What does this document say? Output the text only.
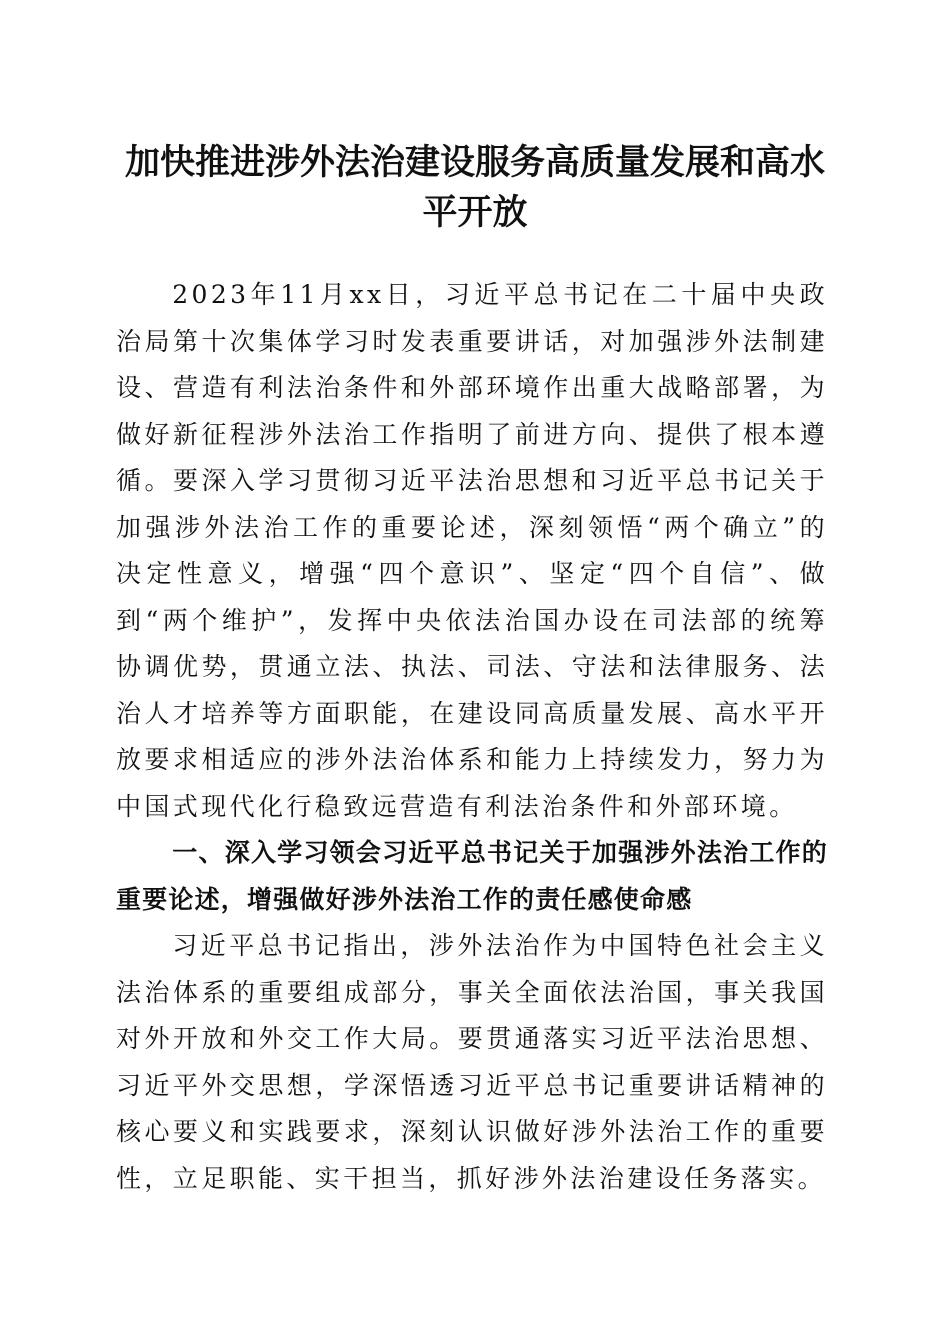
加快推进涉外法治建设服务高质量发展和高水平开放

2023年11月xx日，习近平总书记在二十届中央政治局第十次集体学习时发表重要讲话，对加强涉外法制建设、营造有利法治条件和外部环境作出重大战略部署，为做好新征程涉外法治工作指明了前进方向、提供了根本遵循。要深入学习贯彻习近平法治思想和习近平总书记关于加强涉外法治工作的重要论述，深刻领悟“两个确立”的决定性意义，增强“四个意识”、坚定“四个自信”、做到“两个维护”，发挥中央依法治国办设在司法部的统筹协调优势，贯通立法、执法、司法、守法和法律服务、法治人才培养等方面职能，在建设同高质量发展、高水平开放要求相适应的涉外法治体系和能力上持续发力，努力为中国式现代化行稳致远营造有利法治条件和外部环境。

一、深入学习领会习近平总书记关于加强涉外法治工作的重要论述，增强做好涉外法治工作的责任感使命感

习近平总书记指出，涉外法治作为中国特色社会主义法治体系的重要组成部分，事关全面依法治国，事关我国对外开放和外交工作大局。要贯通落实习近平法治思想、习近平外交思想，学深悟透习近平总书记重要讲话精神的核心要义和实践要求，深刻认识做好涉外法治工作的重要性，立足职能、实干担当，抓好涉外法治建设任务落实。
